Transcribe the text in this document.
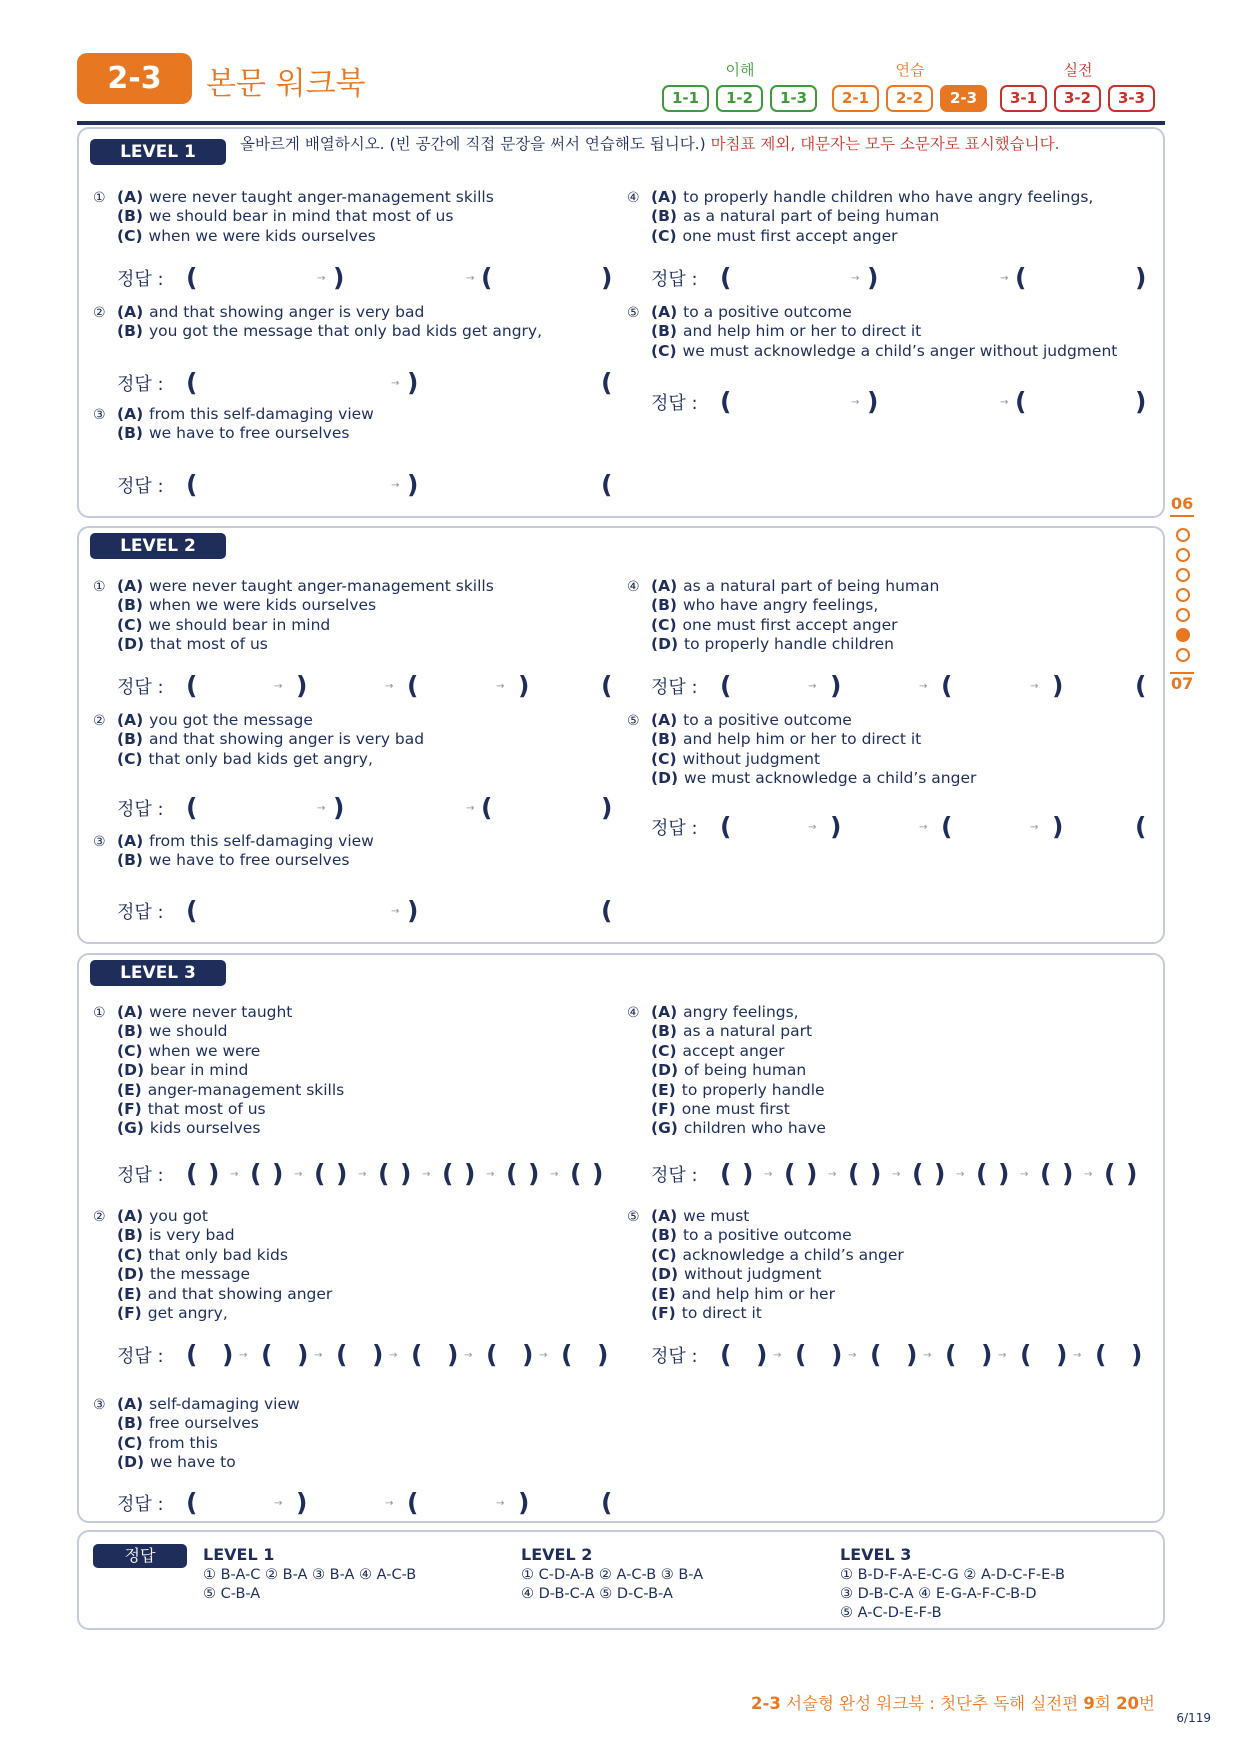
2-3	본문 워크북	이해
1-1	1-2	1-3
연습
2-1	2-2	2-3
실전
3-1	3-2	3-3
올바르게 배열하시오. (빈 공간에 직접 문장을 써서 연습해도 됩니다.) 마침표 제외, 대문자는 모두 소문자로 표시했습니다.
LEVEL 1
① (A) were never taught anger-management skills
(B) we should bear in mind that most of us
(C) when we were kids ourselves
정답 : (	)	(	)
→	→
② (A) and that showing anger is very bad
(B) you got the message that only bad kids get angry,
정답 : (	)	(
→
③ (A) from this self-damaging view
(B) we have to free ourselves
정답 : (	)	(
→
④ (A) to properly handle children who have angry feelings,
(B) as a natural part of being human
(C) one must first accept anger
정답 : (	)	(	)
→	→
⑤ (A) to a positive outcome
(B) and help him or her to direct it
(C) we must acknowledge a child’s anger without judgment
정답 : (	)	(	)
→	→
LEVEL 2
① (A) were never taught anger-management skills
(B) when we were kids ourselves
(C) we should bear in mind
(D) that most of us
정답 : (	)	(	)	(
→	→	→
② (A) you got the message
(B) and that showing anger is very bad
(C) that only bad kids get angry,
정답 : (	)	(	)
→	→
③ (A) from this self-damaging view
(B) we have to free ourselves
정답 : (	)	(
→
④ (A) as a natural part of being human
(B) who have angry feelings,
(C) one must first accept anger
(D) to properly handle children
정답 : (	)	(	)	(
→	→	→
⑤ (A) to a positive outcome
(B) and help him or her to direct it
(C) without judgment
(D) we must acknowledge a child’s anger
정답 : (	)	(	)	(
→	→	→
LEVEL 3
① (A) were never taught
(B) we should
(C) when we were
(D) bear in mind
(E) anger-management skills
(F) that most of us
(G) kids ourselves
정답 : ( ) ( ) ( ) ( ) ( ) ( ) ( )
→	→	→	→	→	→
② (A) you got
(B) is very bad
(C) that only bad kids
(D) the message
(E) and that showing anger
(F) get angry,
정답 : ( ) ( ) ( ) ( ) ( ) ( )
→	→	→	→	→
③ (A) self-damaging view
(B) free ourselves
(C) from this
(D) we have to
정답 : (	)	(	)	(
→	→	→
④ (A) angry feelings,
(B) as a natural part
(C) accept anger
(D) of being human
(E) to properly handle
(F) one must first
(G) children who have
정답 : ( ) ( ) ( ) ( ) ( ) ( ) ( )
→	→	→	→	→	→
⑤ (A) we must
(B) to a positive outcome
(C) acknowledge a child’s anger
(D) without judgment
(E) and help him or her
(F) to direct it
정답 : ( ) ( ) ( ) ( ) ( ) ( )
→	→	→	→	→
06
07
정답	LEVEL 1
① B-A-C ② B-A ③ B-A ④ A-C-B
⑤ C-B-A
LEVEL 2
① C-D-A-B ② A-C-B ③ B-A
④ D-B-C-A ⑤ D-C-B-A
LEVEL 3
① B-D-F-A-E-C-G ② A-D-C-F-E-B
③ D-B-C-A ④ E-G-A-F-C-B-D
⑤ A-C-D-E-F-B
2-3 서술형 완성 워크북 : 첫단추 독해 실전편 9회 20번
6/119
